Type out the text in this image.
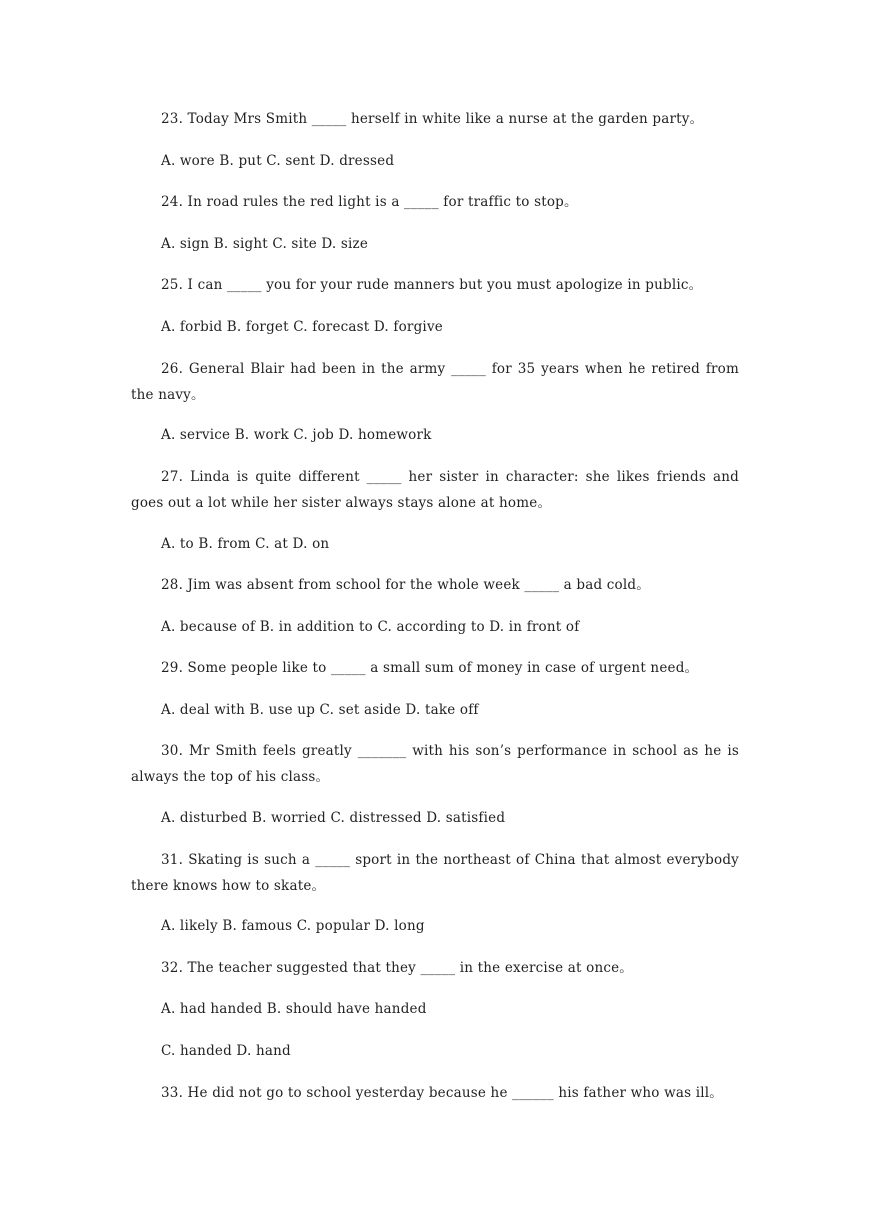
23. Today Mrs Smith _____ herself in white like a nurse at the garden party。

A. wore B. put C. sent D. dressed

24. In road rules the red light is a _____ for traffic to stop。

A. sign B. sight C. site D. size

25. I can _____ you for your rude manners but you must apologize in public。

A. forbid B. forget C. forecast D. forgive

26. General Blair had been in the army _____ for 35 years when he retired from the navy。

A. service B. work C. job D. homework

27. Linda is quite different _____ her sister in character: she likes friends and goes out a lot while her sister always stays alone at home。

A. to B. from C. at D. on

28. Jim was absent from school for the whole week _____ a bad cold。

A. because of B. in addition to C. according to D. in front of

29. Some people like to _____ a small sum of money in case of urgent need。

A. deal with B. use up C. set aside D. take off

30. Mr Smith feels greatly _______ with his son’s performance in school as he is always the top of his class。

A. disturbed B. worried C. distressed D. satisfied

31. Skating is such a _____ sport in the northeast of China that almost everybody there knows how to skate。

A. likely B. famous C. popular D. long

32. The teacher suggested that they _____ in the exercise at once。

A. had handed B. should have handed

C. handed D. hand

33. He did not go to school yesterday because he ______ his father who was ill。
